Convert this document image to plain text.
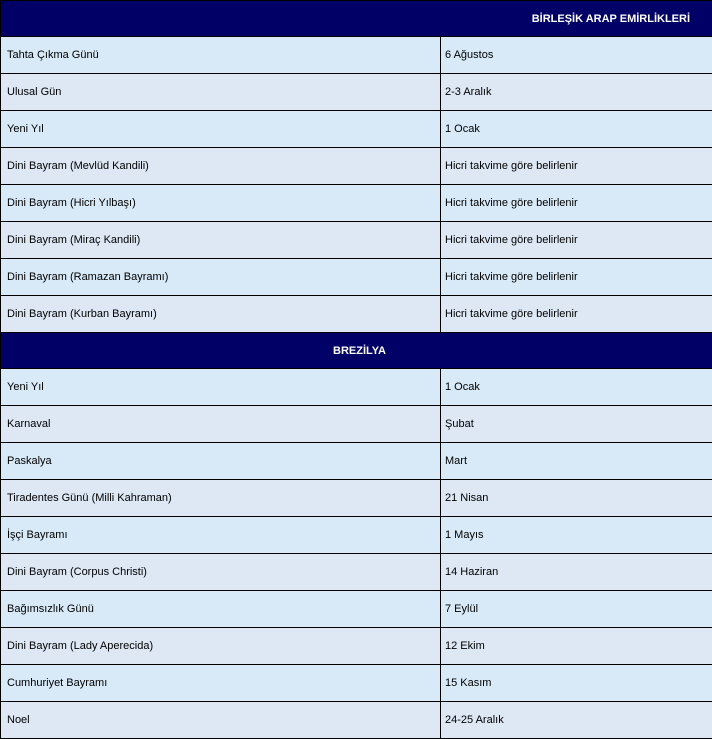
BİRLEŞİK ARAP EMİRLİKLERİ	
Tahta Çıkma Günü	6 Ağustos
Ulusal Gün	2-3 Aralık
Yeni Yıl	1 Ocak
Dini Bayram (Mevlüd Kandili)	Hicri takvime göre belirlenir
Dini Bayram (Hicri Yılbaşı)	Hicri takvime göre belirlenir
Dini Bayram (Miraç Kandili)	Hicri takvime göre belirlenir
Dini Bayram (Ramazan Bayramı)	Hicri takvime göre belirlenir
Dini Bayram (Kurban Bayramı)	Hicri takvime göre belirlenir
BREZİLYA	
Yeni Yıl	1 Ocak
Karnaval	Şubat
Paskalya	Mart
Tiradentes Günü (Milli Kahraman)	21 Nisan
İşçi Bayramı	1 Mayıs
Dini Bayram (Corpus Christi)	14 Haziran
Bağımsızlık Günü	7 Eylül
Dini Bayram (Lady Aperecida)	12 Ekim
Cumhuriyet Bayramı	15 Kasım
Noel	24-25 Aralık
